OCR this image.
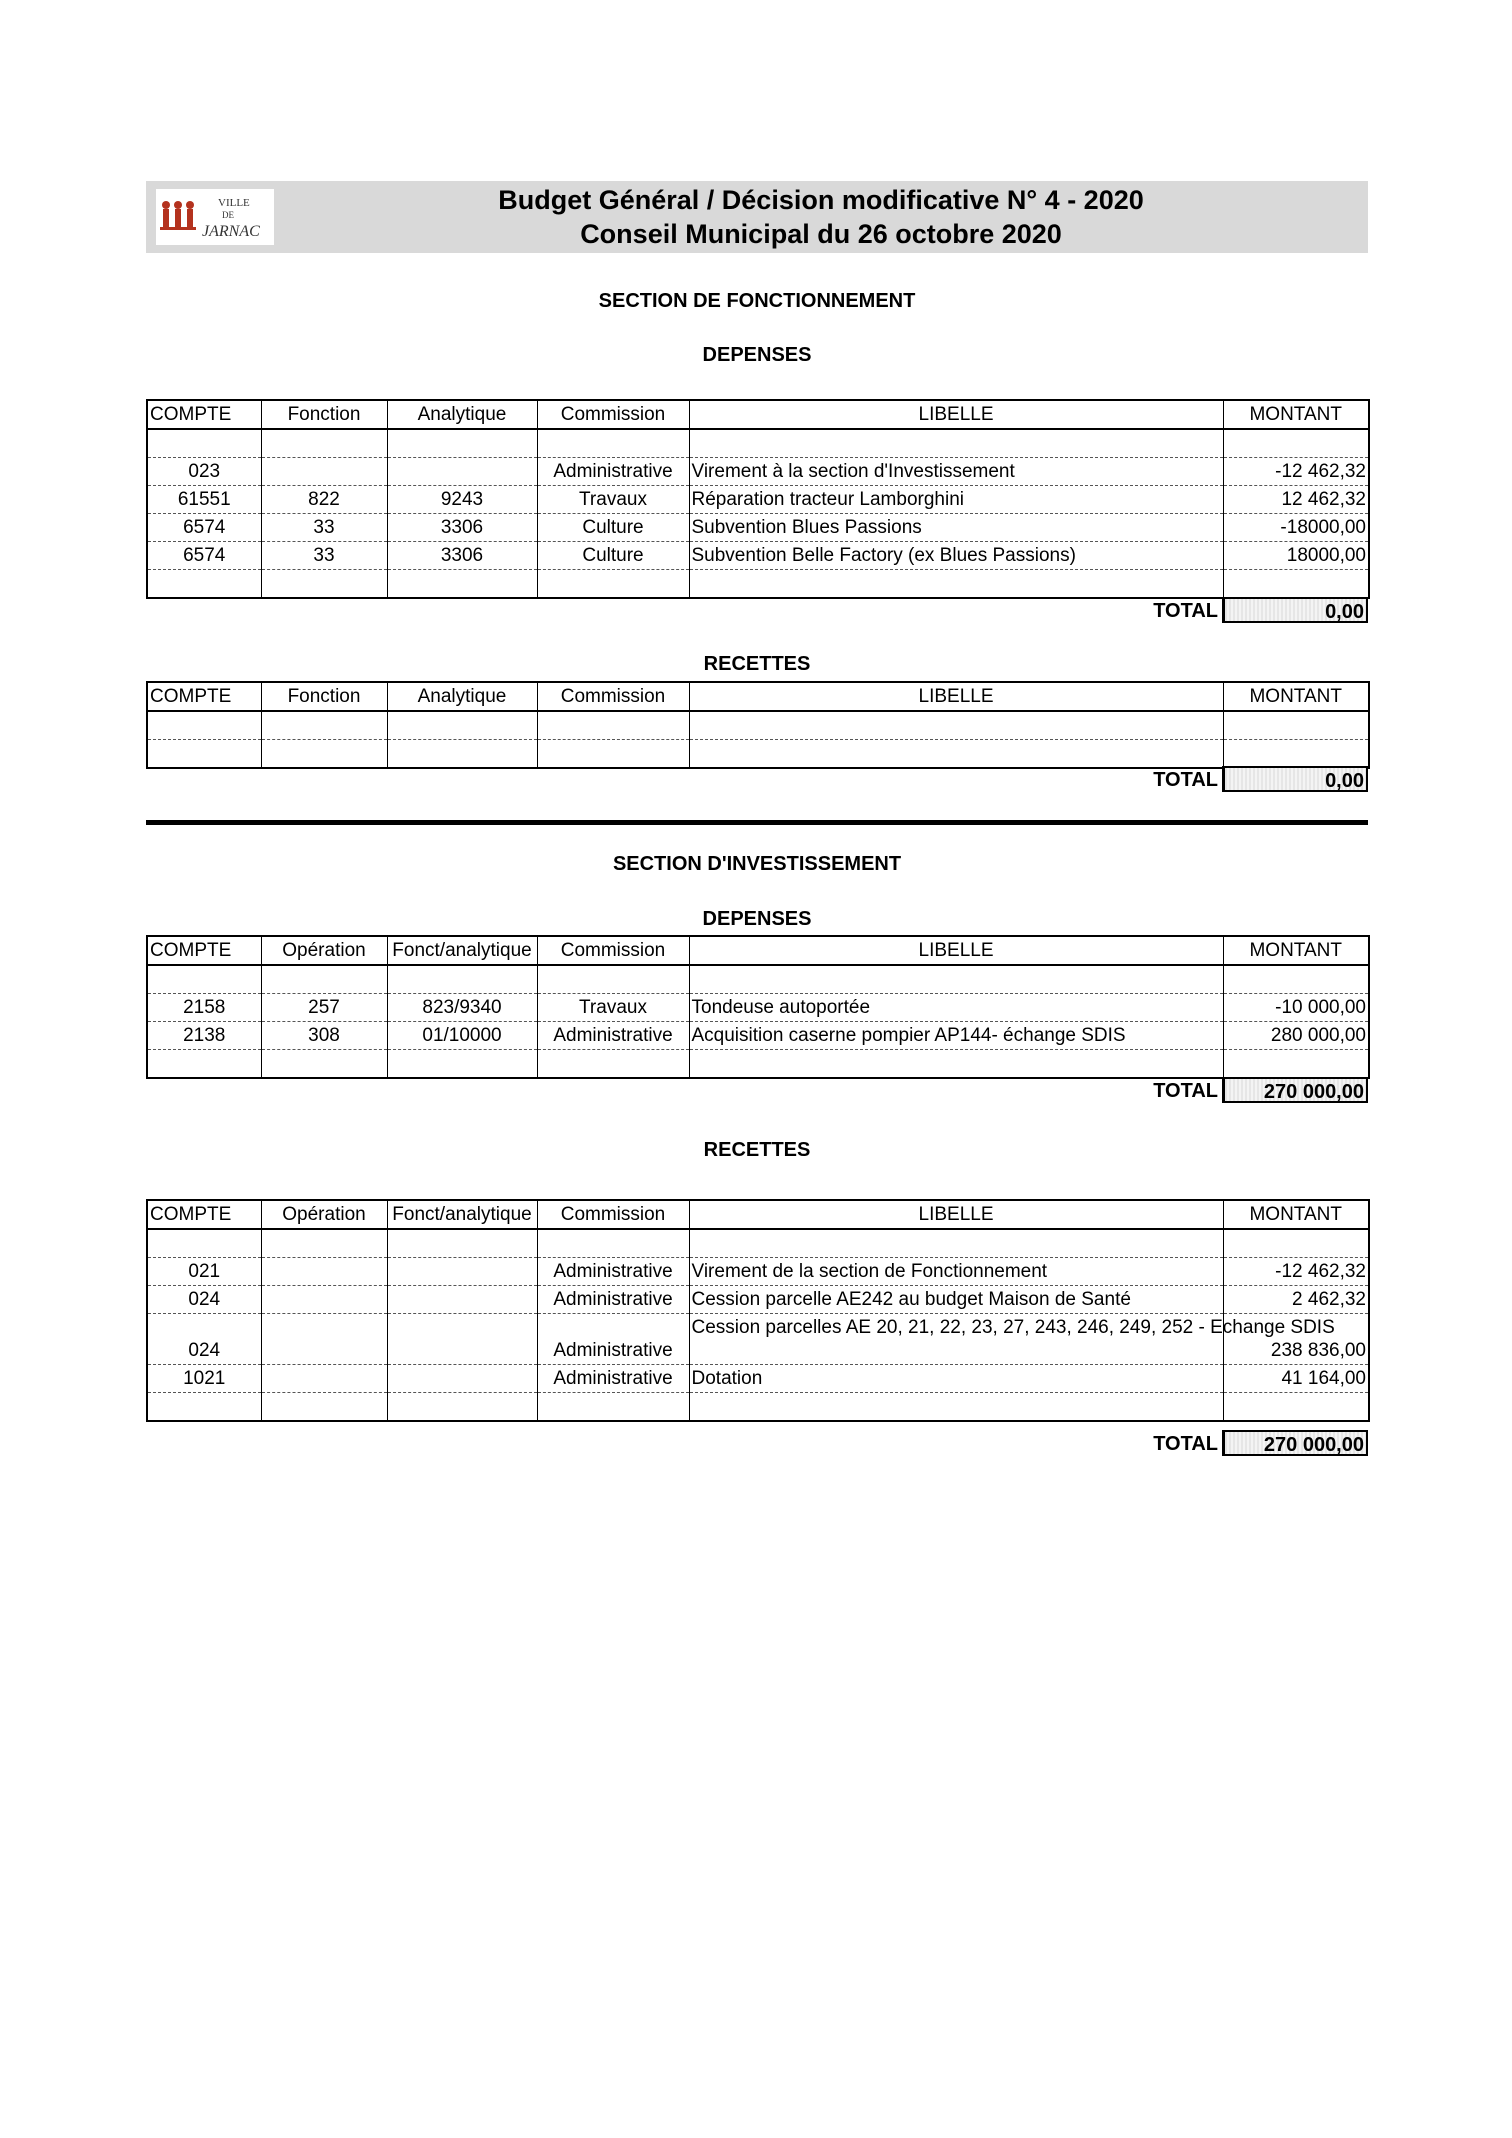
VILLE
DE
JARNAC
Budget Général / Décision modificative N° 4 - 2020
Conseil Municipal du 26 octobre 2020
SECTION DE FONCTIONNEMENT
DEPENSES
COMPTE	Fonction	Analytique	Commission	LIBELLE	MONTANT

023			Administrative	Virement à la section d'Investissement	-12 462,32
61551	822	9243	Travaux	Réparation tracteur Lamborghini	12 462,32
6574	33	3306	Culture	Subvention Blues Passions	-18000,00
6574	33	3306	Culture	Subvention Belle Factory (ex Blues Passions)	18000,00

TOTAL	0,00
RECETTES
COMPTE	Fonction	Analytique	Commission	LIBELLE	MONTANT

TOTAL	0,00
SECTION D'INVESTISSEMENT
DEPENSES
COMPTE	Opération	Fonct/analytique	Commission	LIBELLE	MONTANT

2158	257	823/9340	Travaux	Tondeuse autoportée	-10 000,00
2138	308	01/10000	Administrative	Acquisition caserne pompier AP144- échange SDIS	280 000,00

TOTAL	270 000,00
RECETTES
COMPTE	Opération	Fonct/analytique	Commission	LIBELLE	MONTANT

021			Administrative	Virement de la section de Fonctionnement	-12 462,32
024			Administrative	Cession parcelle AE242 au budget Maison de Santé	2 462,32
024			Administrative	Cession parcelles AE 20, 21, 22, 23, 27, 243, 246, 249, 252 - Echange SDIS	238 836,00
1021			Administrative	Dotation	41 164,00

TOTAL	270 000,00
